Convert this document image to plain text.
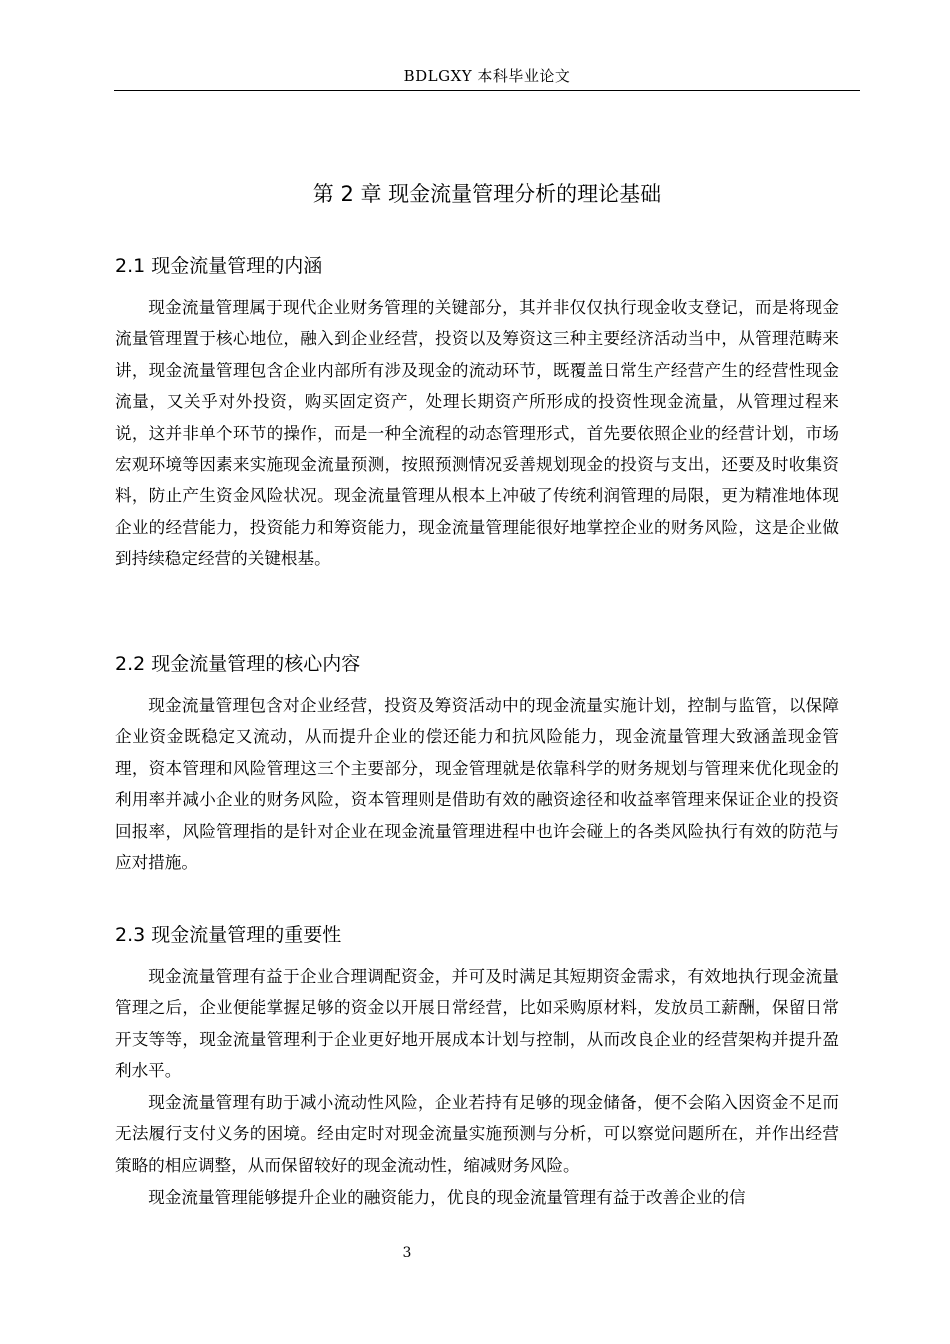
BDLGXY 本科毕业论文
第 2 章 现金流量管理分析的理论基础
2.1 现金流量管理的内涵

现金流量管理属于现代企业财务管理的关键部分，其并非仅仅执行现金收支登记，而是将现金流量管理置于核心地位，融入到企业经营，投资以及筹资这三种主要经济活动当中，从管理范畴来讲，现金流量管理包含企业内部所有涉及现金的流动环节，既覆盖日常生产经营产生的经营性现金流量，又关乎对外投资，购买固定资产，处理长期资产所形成的投资性现金流量，从管理过程来说，这并非单个环节的操作，而是一种全流程的动态管理形式，首先要依照企业的经营计划，市场宏观环境等因素来实施现金流量预测，按照预测情况妥善规划现金的投资与支出，还要及时收集资料，防止产生资金风险状况。现金流量管理从根本上冲破了传统利润管理的局限，更为精准地体现企业的经营能力，投资能力和筹资能力，现金流量管理能很好地掌控企业的财务风险，这是企业做到持续稳定经营的关键根基。

2.2 现金流量管理的核心内容

现金流量管理包含对企业经营，投资及筹资活动中的现金流量实施计划，控制与监管，以保障企业资金既稳定又流动，从而提升企业的偿还能力和抗风险能力，现金流量管理大致涵盖现金管理，资本管理和风险管理这三个主要部分，现金管理就是依靠科学的财务规划与管理来优化现金的利用率并减小企业的财务风险，资本管理则是借助有效的融资途径和收益率管理来保证企业的投资回报率，风险管理指的是针对企业在现金流量管理进程中也许会碰上的各类风险执行有效的防范与应对措施。

2.3 现金流量管理的重要性

现金流量管理有益于企业合理调配资金，并可及时满足其短期资金需求，有效地执行现金流量管理之后，企业便能掌握足够的资金以开展日常经营，比如采购原材料，发放员工薪酬，保留日常开支等等，现金流量管理利于企业更好地开展成本计划与控制，从而改良企业的经营架构并提升盈利水平。

现金流量管理有助于减小流动性风险，企业若持有足够的现金储备，便不会陷入因资金不足而无法履行支付义务的困境。经由定时对现金流量实施预测与分析，可以察觉问题所在，并作出经营策略的相应调整，从而保留较好的现金流动性，缩减财务风险。

现金流量管理能够提升企业的融资能力，优良的现金流量管理有益于改善企业的信

3
